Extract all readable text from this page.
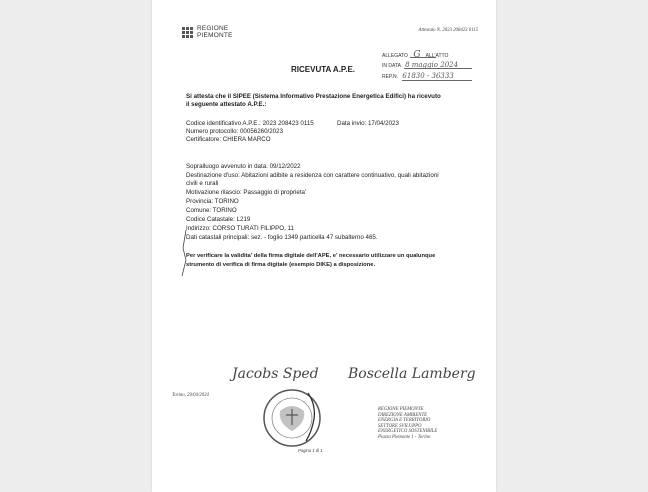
REGIONE
PIEMONTE
Attestato N. 2023 208423 0115
ALLEGATO G ALL'ATTO
IN DATA 8 maggio 2024
REP.N. 61830 - 36333
RICEVUTA A.P.E.
Si attesta che il SIPEE (Sistema Informativo Prestazione Energetica Edifici) ha ricevuto
il seguente attestato A.P.E.:
Codice identificativo A.P.E.: 2023 208423 0115	Data invio: 17/04/2023
Numero protocollo: 00056260/2023
Certificatore: CHIERA MARCO
Sopralluogo avvenuto in data: 09/12/2022
Destinazione d'uso: Abitazioni adibite a residenza con carattere continuativo, quali abitazioni
civili e rurali
Motivazione rilascio: Passaggio di proprieta'
Provincia: TORINO
Comune: TORINO
Codice Catastale: L219
Indirizzo: CORSO TURATI FILIPPO, 11
Dati catastali principali: sez. - foglio 1349 particella 47 subalterno 465.
Per verificare la validita' della firma digitale dell'APE, e' necessario utilizzare un qualunque
strumento di verifica di firma digitale (esempio DIKE) a disposizione.
Jacobs Sped Boscella Lamberg
Torino, 29/04/2024
Pagina 1 di 1
REGIONE PIEMONTE
DIREZIONE AMBIENTE
ENERGIA E TERRITORIO
SETTORE SVILUPPO
ENERGETICO SOSTENIBILE
Piazza Piemonte 1 - Torino
